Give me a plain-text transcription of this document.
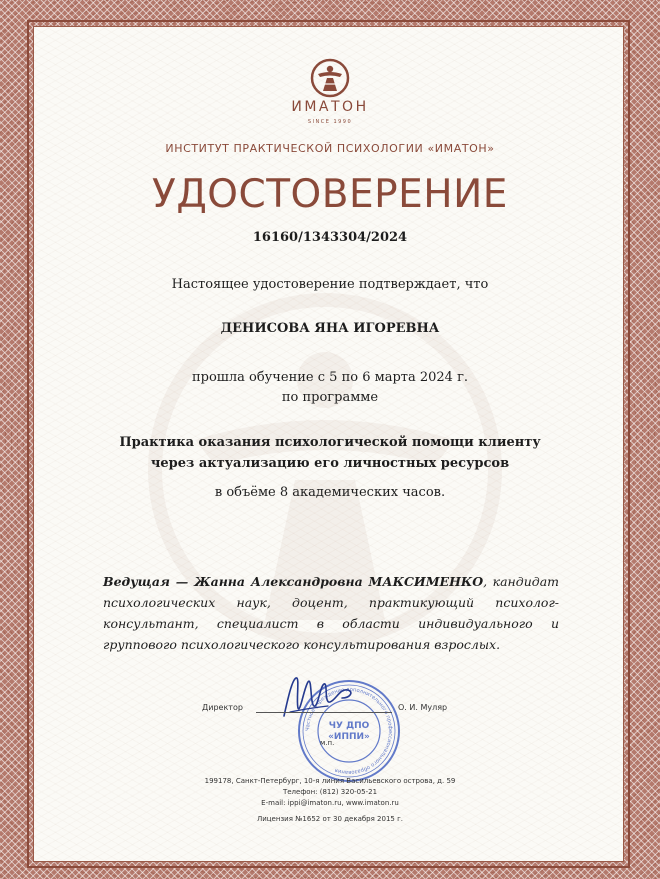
ИМАТОН
SINCE 1990
ИНСТИТУТ ПРАКТИЧЕСКОЙ ПСИХОЛОГИИ «ИМАТОН»
УДОСТОВЕРЕНИЕ
16160/1343304/2024
Настоящее удостоверение подтверждает, что
ДЕНИСОВА ЯНА ИГОРЕВНА
прошла обучение с 5 по 6 марта 2024 г.
по программе
Практика оказания психологической помощи клиенту
через актуализацию его личностных ресурсов
в объёме 8 академических часов.
Ведущая — Жанна Александровна МАКСИМЕНКО, кандидат психологических наук, доцент, практикующий психолог-консультант, специалист в области индивидуального и группового психологического консультирования взрослых.
Частное учреждение дополнительного профессионального образования
ЧУ ДПО
«ИППИ»
Директор	О. И. Муляр
м.п.
199178, Санкт-Петербург, 10-я линия Васильевского острова, д. 59
Телефон: (812) 320-05-21
E-mail: ippi@imaton.ru, www.imaton.ru
Лицензия №1652 от 30 декабря 2015 г.
